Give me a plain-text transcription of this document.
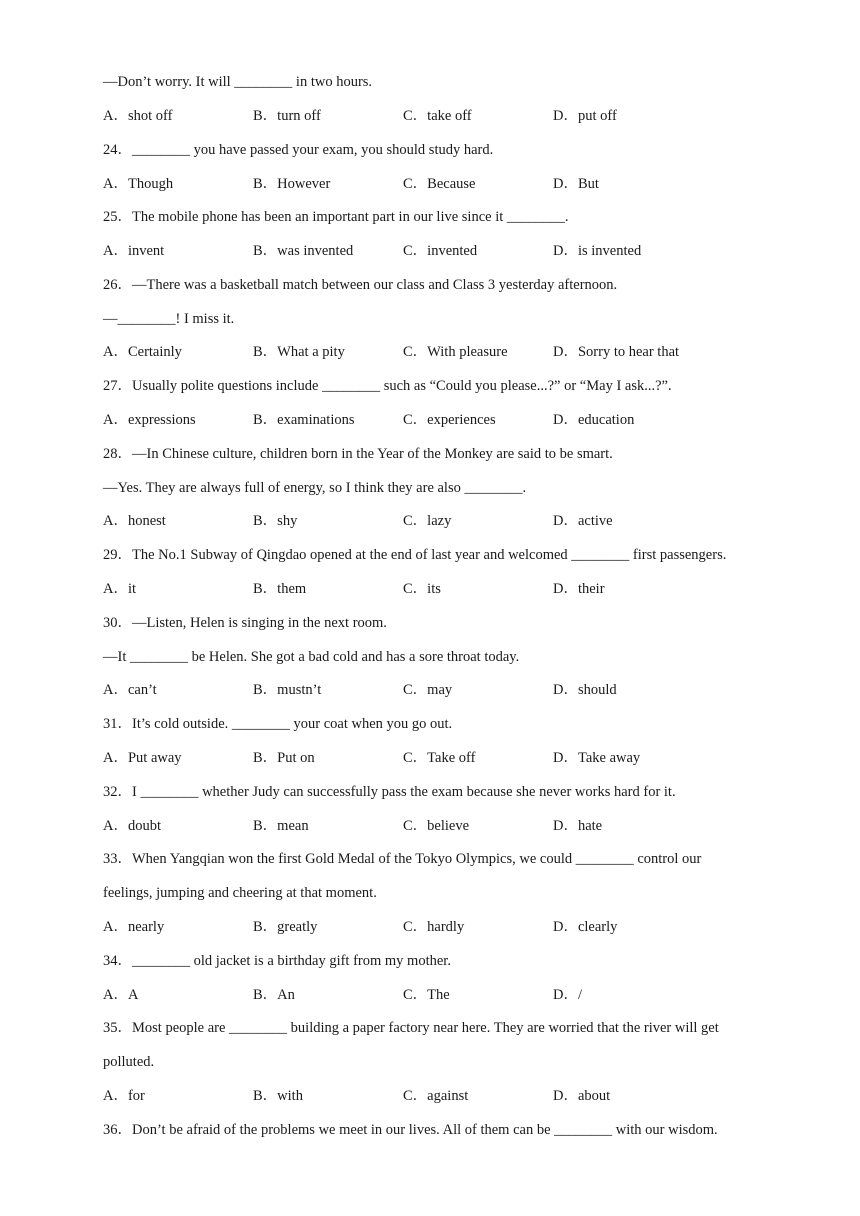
—Don’t worry. It will ________ in two hours.
A．shot off	B．turn off	C．take off	D．put off
24．________ you have passed your exam, you should study hard.
A．Though	B．However	C．Because	D．But
25．The mobile phone has been an important part in our live since it ________.
A．invent	B．was invented	C．invented	D．is invented
26．—There was a basketball match between our class and Class 3 yesterday afternoon.
—________! I miss it.
A．Certainly	B．What a pity	C．With pleasure	D．Sorry to hear that
27．Usually polite questions include ________ such as “Could you please...?” or “May I ask...?”.
A．expressions	B．examinations	C．experiences	D．education
28．—In Chinese culture, children born in the Year of the Monkey are said to be smart.
—Yes. They are always full of energy, so I think they are also ________.
A．honest	B．shy	C．lazy	D．active
29．The No.1 Subway of Qingdao opened at the end of last year and welcomed ________ first passengers.
A．it	B．them	C．its	D．their
30．—Listen, Helen is singing in the next room.
—It ________ be Helen. She got a bad cold and has a sore throat today.
A．can’t	B．mustn’t	C．may	D．should
31．It’s cold outside. ________ your coat when you go out.
A．Put away	B．Put on	C．Take off	D．Take away
32．I ________ whether Judy can successfully pass the exam because she never works hard for it.
A．doubt	B．mean	C．believe	D．hate
33．When Yangqian won the first Gold Medal of the Tokyo Olympics, we could ________ control our
feelings, jumping and cheering at that moment.
A．nearly	B．greatly	C．hardly	D．clearly
34．________ old jacket is a birthday gift from my mother.
A．A	B．An	C．The	D．/
35．Most people are ________ building a paper factory near here. They are worried that the river will get
polluted.
A．for	B．with	C．against	D．about
36．Don’t be afraid of the problems we meet in our lives. All of them can be ________ with our wisdom.
